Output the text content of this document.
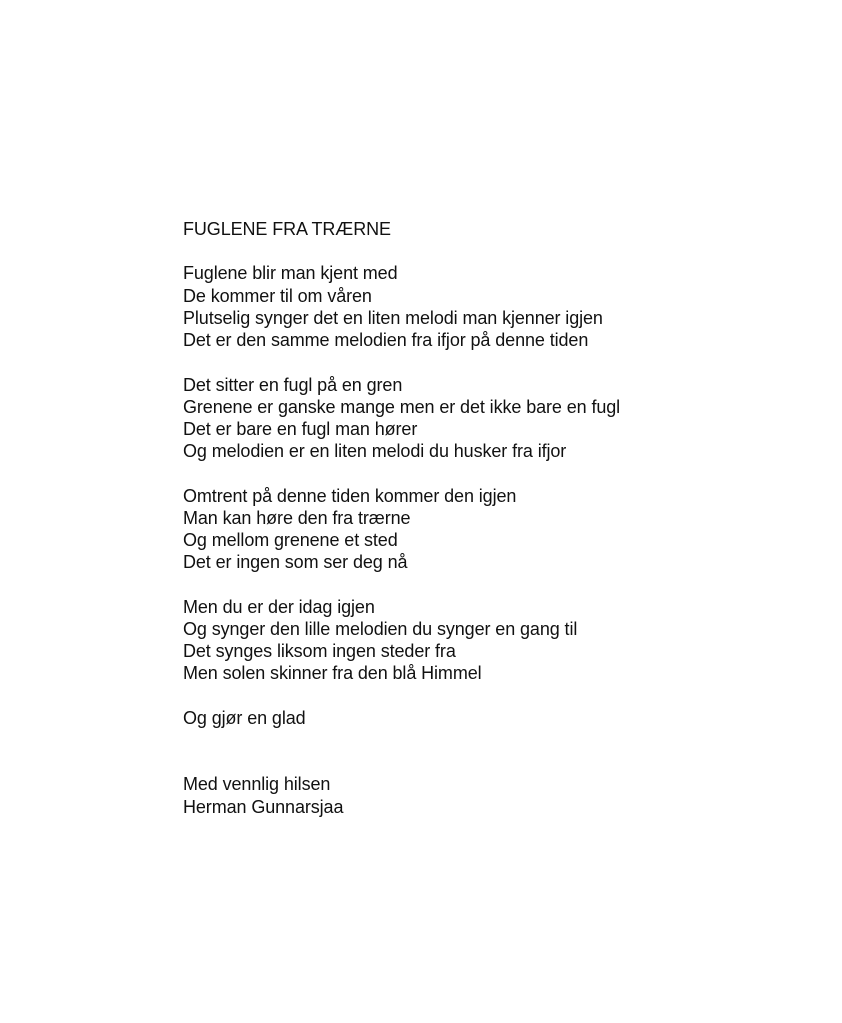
FUGLENE FRA TRÆRNE
Fuglene blir man kjent med
De kommer til om våren
Plutselig synger det en liten melodi man kjenner igjen
Det er den samme melodien fra ifjor på denne tiden
Det sitter en fugl på en gren
Grenene er ganske mange men er det ikke bare en fugl
Det er bare en fugl man hører
Og melodien er en liten melodi du husker fra ifjor
Omtrent på denne tiden kommer den igjen
Man kan høre den fra trærne
Og mellom grenene et sted
Det er ingen som ser deg nå
Men du er der idag igjen
Og synger den lille melodien du synger en gang til
Det synges liksom ingen steder fra
Men solen skinner fra den blå Himmel
Og gjør en glad
Med vennlig hilsen
Herman Gunnarsjaa
